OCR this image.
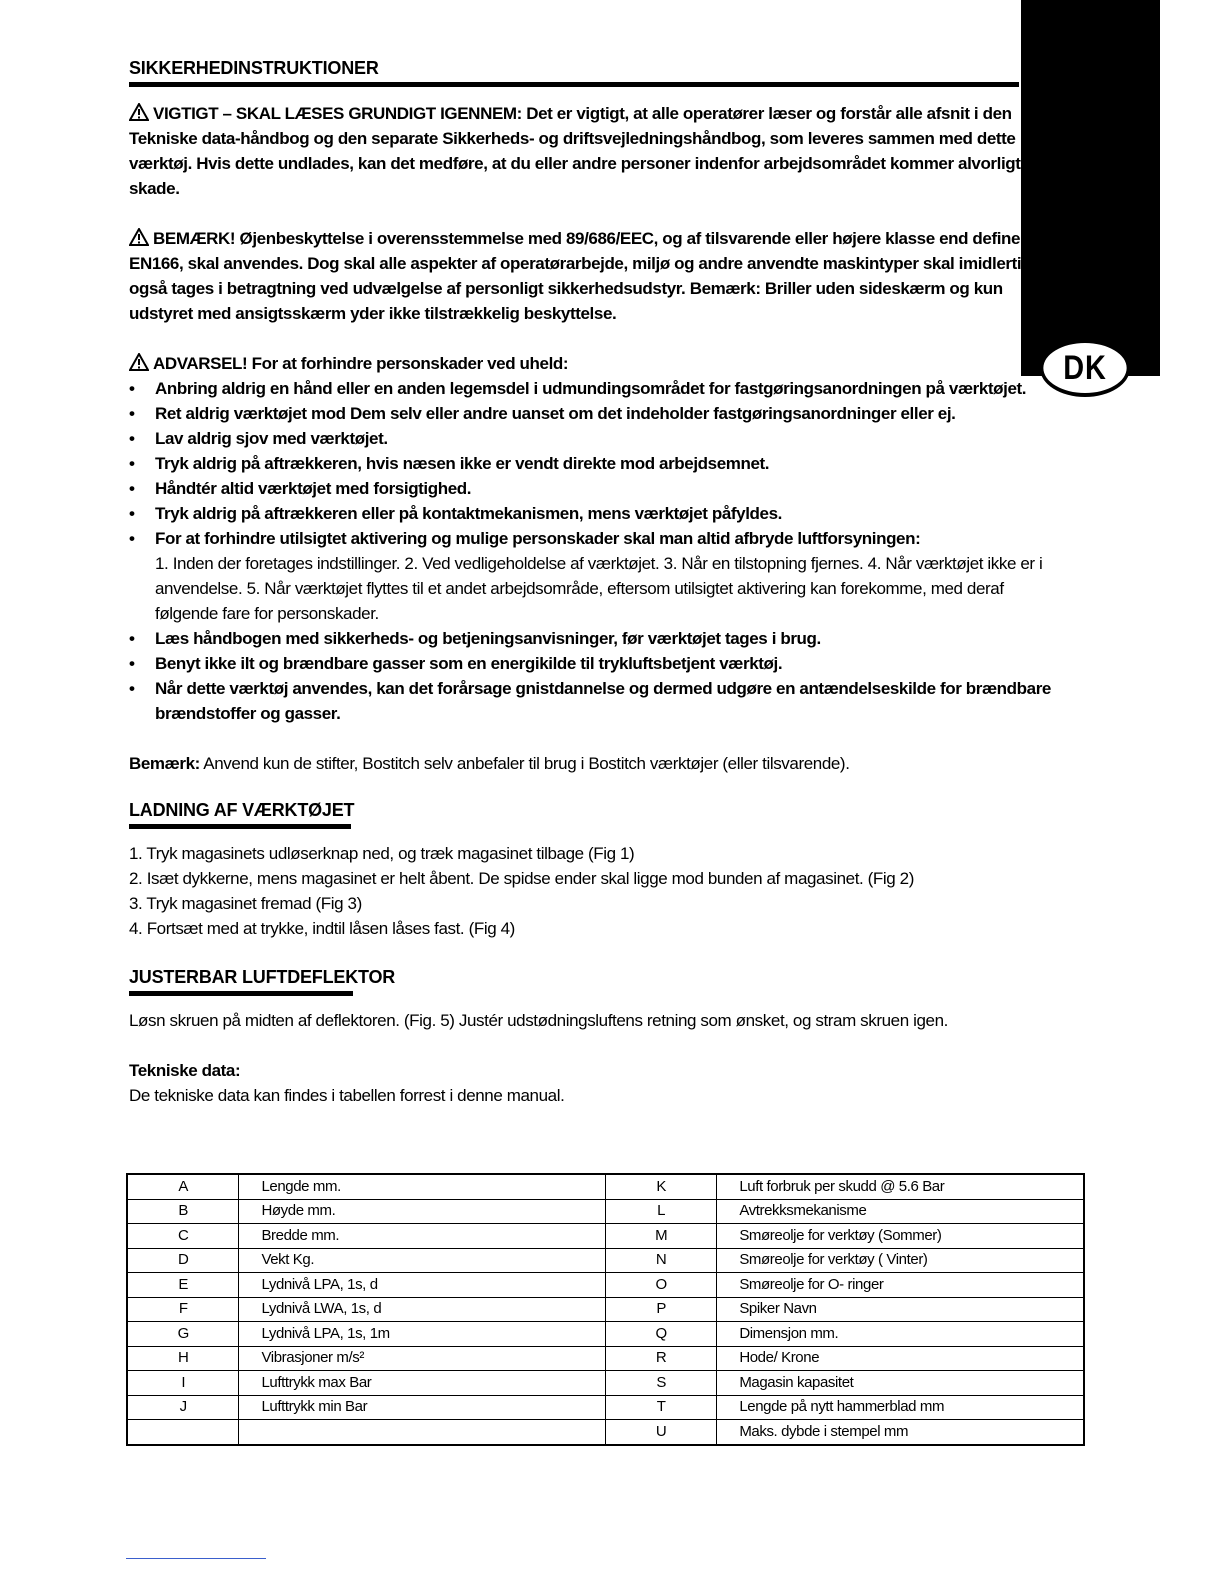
DK
SIKKERHEDINSTRUKTIONER
VIGTIGT – SKAL LÆSES GRUNDIGT IGENNEM: Det er vigtigt, at alle operatører læser og forstår alle afsnit i den Tekniske data-håndbog og den separate Sikkerheds- og driftsvejledningshåndbog, som leveres sammen med dette værktøj. Hvis dette undlades, kan det medføre, at du eller andre personer indenfor arbejdsområdet kommer alvorligt til skade.
BEMÆRK! Øjenbeskyttelse i overensstemmelse med 89/686/EEC, og af tilsvarende eller højere klasse end defineret i EN166, skal anvendes. Dog skal alle aspekter af operatørarbejde, miljø og andre anvendte maskintyper skal imidlertid også tages i betragtning ved udvælgelse af personligt sikkerhedsudstyr. Bemærk: Briller uden sideskærm og kun udstyret med ansigtsskærm yder ikke tilstrækkelig beskyttelse.
ADVARSEL! For at forhindre personskader ved uheld:
• Anbring aldrig en hånd eller en anden legemsdel i udmundingsområdet for fastgøringsanordningen på værktøjet.
• Ret aldrig værktøjet mod Dem selv eller andre uanset om det indeholder fastgøringsanordninger eller ej.
• Lav aldrig sjov med værktøjet.
• Tryk aldrig på aftrækkeren, hvis næsen ikke er vendt direkte mod arbejdsemnet.
• Håndtér altid værktøjet med forsigtighed.
• Tryk aldrig på aftrækkeren eller på kontaktmekanismen, mens værktøjet påfyldes.
• For at forhindre utilsigtet aktivering og mulige personskader skal man altid afbryde luftforsyningen:
1. Inden der foretages indstillinger. 2. Ved vedligeholdelse af værktøjet. 3. Når en tilstopning fjernes. 4. Når værktøjet ikke er i anvendelse. 5. Når værktøjet flyttes til et andet arbejdsområde, eftersom utilsigtet aktivering kan forekomme, med deraf følgende fare for personskader.
• Læs håndbogen med sikkerheds- og betjeningsanvisninger, før værktøjet tages i brug.
• Benyt ikke ilt og brændbare gasser som en energikilde til trykluftsbetjent værktøj.
• Når dette værktøj anvendes, kan det forårsage gnistdannelse og dermed udgøre en antændelseskilde for brændbare brændstoffer og gasser.
Bemærk: Anvend kun de stifter, Bostitch selv anbefaler til brug i Bostitch værktøjer (eller tilsvarende).
LADNING AF VÆRKTØJET
1. Tryk magasinets udløserknap ned, og træk magasinet tilbage (Fig 1)
2. Isæt dykkerne, mens magasinet er helt åbent. De spidse ender skal ligge mod bunden af magasinet. (Fig 2)
3. Tryk magasinet fremad (Fig 3)
4. Fortsæt med at trykke, indtil låsen låses fast. (Fig 4)
JUSTERBAR LUFTDEFLEKTOR
Løsn skruen på midten af deflektoren. (Fig. 5) Justér udstødningsluftens retning som ønsket, og stram skruen igen.
Tekniske data:
De tekniske data kan findes i tabellen forrest i denne manual.
A	Lengde mm.	K	Luft forbruk per skudd @ 5.6 Bar
B	Høyde mm.	L	Avtrekksmekanisme
C	Bredde mm.	M	Smøreolje for verktøy (Sommer)
D	Vekt Kg.	N	Smøreolje for verktøy ( Vinter)
E	Lydnivå LPA, 1s, d	O	Smøreolje for O- ringer
F	Lydnivå LWA, 1s, d	P	Spiker Navn
G	Lydnivå LPA, 1s, 1m	Q	Dimensjon mm.
H	Vibrasjoner m/s²	R	Hode/ Krone
I	Lufttrykk max Bar	S	Magasin kapasitet
J	Lufttrykk min Bar	T	Lengde på nytt hammerblad mm
		U	Maks. dybde i stempel mm
